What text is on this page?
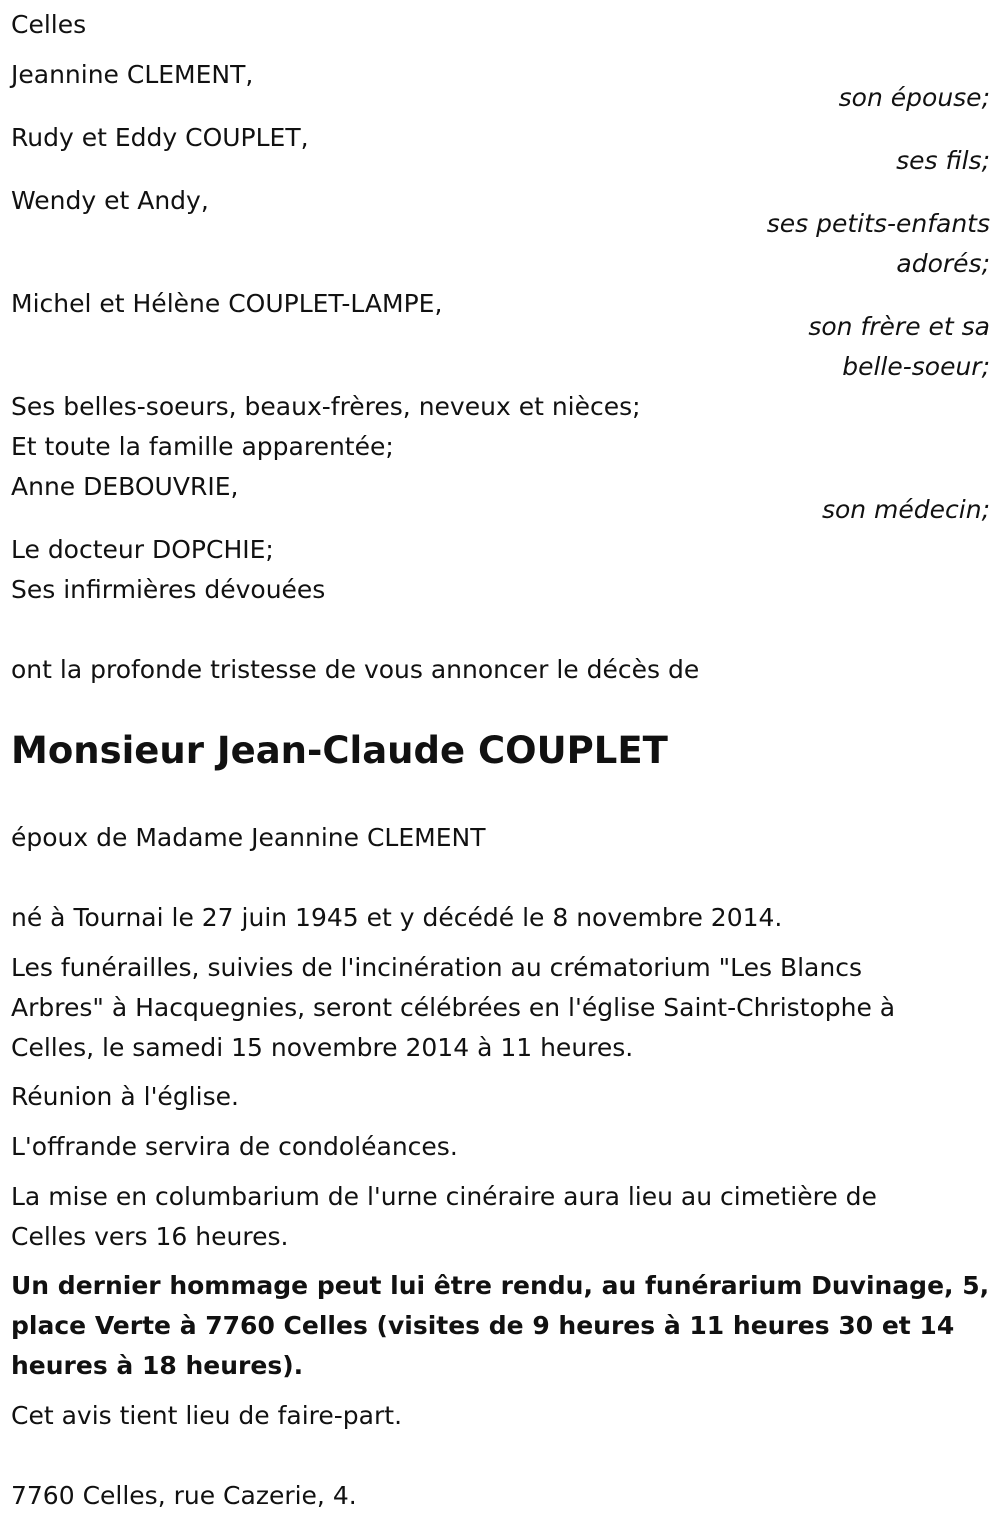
Celles
Jeannine CLEMENT,
son épouse;
Rudy et Eddy COUPLET,
ses fils;
Wendy et Andy,
ses petits-enfants
adorés;
Michel et Hélène COUPLET-LAMPE,
son frère et sa
belle-soeur;
Ses belles-soeurs, beaux-frères, neveux et nièces;
Et toute la famille apparentée;
Anne DEBOUVRIE,
son médecin;
Le docteur DOPCHIE;
Ses infirmières dévouées
ont la profonde tristesse de vous annoncer le décès de
Monsieur Jean-Claude COUPLET
époux de Madame Jeannine CLEMENT
né à Tournai le 27 juin 1945 et y décédé le 8 novembre 2014.
Les funérailles, suivies de l'incinération au crématorium "Les Blancs
Arbres" à Hacquegnies, seront célébrées en l'église Saint-Christophe à
Celles, le samedi 15 novembre 2014 à 11 heures.
Réunion à l'église.
L'offrande servira de condoléances.
La mise en columbarium de l'urne cinéraire aura lieu au cimetière de
Celles vers 16 heures.
Un dernier hommage peut lui être rendu, au funérarium Duvinage, 5,
place Verte à 7760 Celles (visites de 9 heures à 11 heures 30 et 14
heures à 18 heures).
Cet avis tient lieu de faire-part.
7760 Celles, rue Cazerie, 4.
